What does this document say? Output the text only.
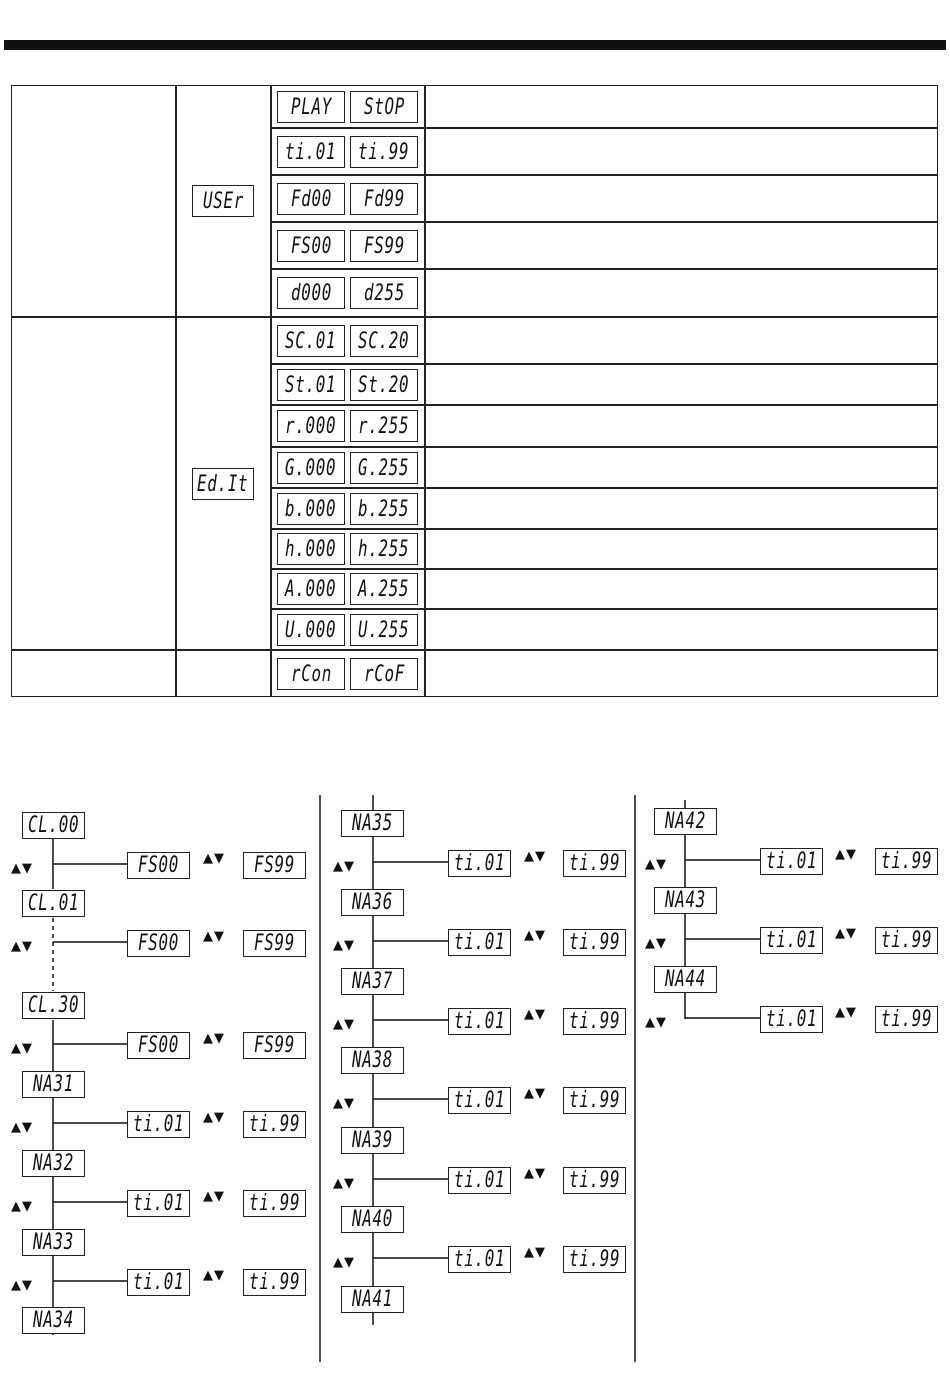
USEr
PLAY StOP
ti.01 ti.99
Fd00 Fd99
FS00 FS99
d000 d255
Ed.It
SC.01 SC.20
St.01 St.20
r.000 r.255
G.000 G.255
b.000 b.255
h.000 h.255
A.000 A.255
U.000 U.255
rCon rCoF
CL.00
▲▼	FS00 ▲▼ FS99
CL.01
▲▼	FS00 ▲▼ FS99
CL.30
▲▼	FS00 ▲▼ FS99
NA31
▲▼	ti.01 ▲▼ ti.99
NA32
▲▼	ti.01 ▲▼ ti.99
NA33
▲▼	ti.01 ▲▼ ti.99
NA34
NA35
▲▼	ti.01 ▲▼ ti.99
NA36
▲▼	ti.01 ▲▼ ti.99
NA37
▲▼	ti.01 ▲▼ ti.99
NA38
▲▼	ti.01 ▲▼ ti.99
NA39
▲▼	ti.01 ▲▼ ti.99
NA40
▲▼	ti.01 ▲▼ ti.99
NA41
NA42
▲▼	ti.01 ▲▼ ti.99
NA43
▲▼	ti.01 ▲▼ ti.99
NA44
▲▼	ti.01 ▲▼ ti.99
